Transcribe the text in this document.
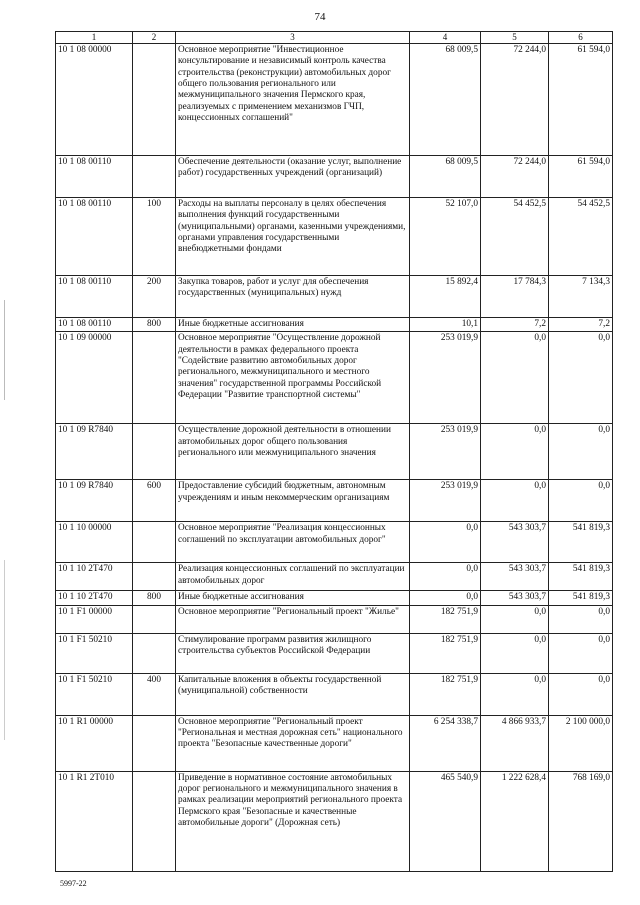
74
1	2	3	4	5	6
10 1 08 00000		Основное мероприятие "Инвестиционное консультирование и независимый контроль качества строительства (реконструкции) автомобильных дорог общего пользования регионального или межмуниципального значения Пермского края, реализуемых с применением механизмов ГЧП, концессионных соглашений"	68 009,5	72 244,0	61 594,0
10 1 08 00110		Обеспечение деятельности (оказание услуг, выполнение работ) государственных учреждений (организаций)	68 009,5	72 244,0	61 594,0
10 1 08 00110	100	Расходы на выплаты персоналу в целях обеспечения выполнения функций государственными (муниципальными) органами, казенными учреждениями, органами управления государственными внебюджетными фондами	52 107,0	54 452,5	54 452,5
10 1 08 00110	200	Закупка товаров, работ и услуг для обеспечения государственных (муниципальных) нужд	15 892,4	17 784,3	7 134,3
10 1 08 00110	800	Иные бюджетные ассигнования	10,1	7,2	7,2
10 1 09 00000		Основное мероприятие "Осуществление дорожной деятельности в рамках федерального проекта "Содействие развитию автомобильных дорог регионального, межмуниципального и местного значения" государственной программы Российской Федерации "Развитие транспортной системы"	253 019,9	0,0	0,0
10 1 09 R7840		Осуществление дорожной деятельности в отношении автомобильных дорог общего пользования регионального или межмуниципального значения	253 019,9	0,0	0,0
10 1 09 R7840	600	Предоставление субсидий бюджетным, автономным учреждениям и иным некоммерческим организациям	253 019,9	0,0	0,0
10 1 10 00000		Основное мероприятие "Реализация концессионных соглашений по эксплуатации автомобильных дорог"	0,0	543 303,7	541 819,3
10 1 10 2Т470		Реализация концессионных соглашений по эксплуатации автомобильных дорог	0,0	543 303,7	541 819,3
10 1 10 2Т470	800	Иные бюджетные ассигнования	0,0	543 303,7	541 819,3
10 1 F1 00000		Основное мероприятие "Региональный проект "Жилье"	182 751,9	0,0	0,0
10 1 F1 50210		Стимулирование программ развития жилищного строительства субъектов Российской Федерации	182 751,9	0,0	0,0
10 1 F1 50210	400	Капитальные вложения в объекты государственной (муниципальной) собственности	182 751,9	0,0	0,0
10 1 R1 00000		Основное мероприятие "Региональный проект "Региональная и местная дорожная сеть" национального проекта "Безопасные качественные дороги"	6 254 338,7	4 866 933,7	2 100 000,0
10 1 R1 2Т010		Приведение в нормативное состояние автомобильных дорог регионального и межмуниципального значения в рамках реализации мероприятий регионального проекта Пермского края "Безопасные и качественные автомобильные дороги" (Дорожная сеть)	465 540,9	1 222 628,4	768 169,0
5997-22
